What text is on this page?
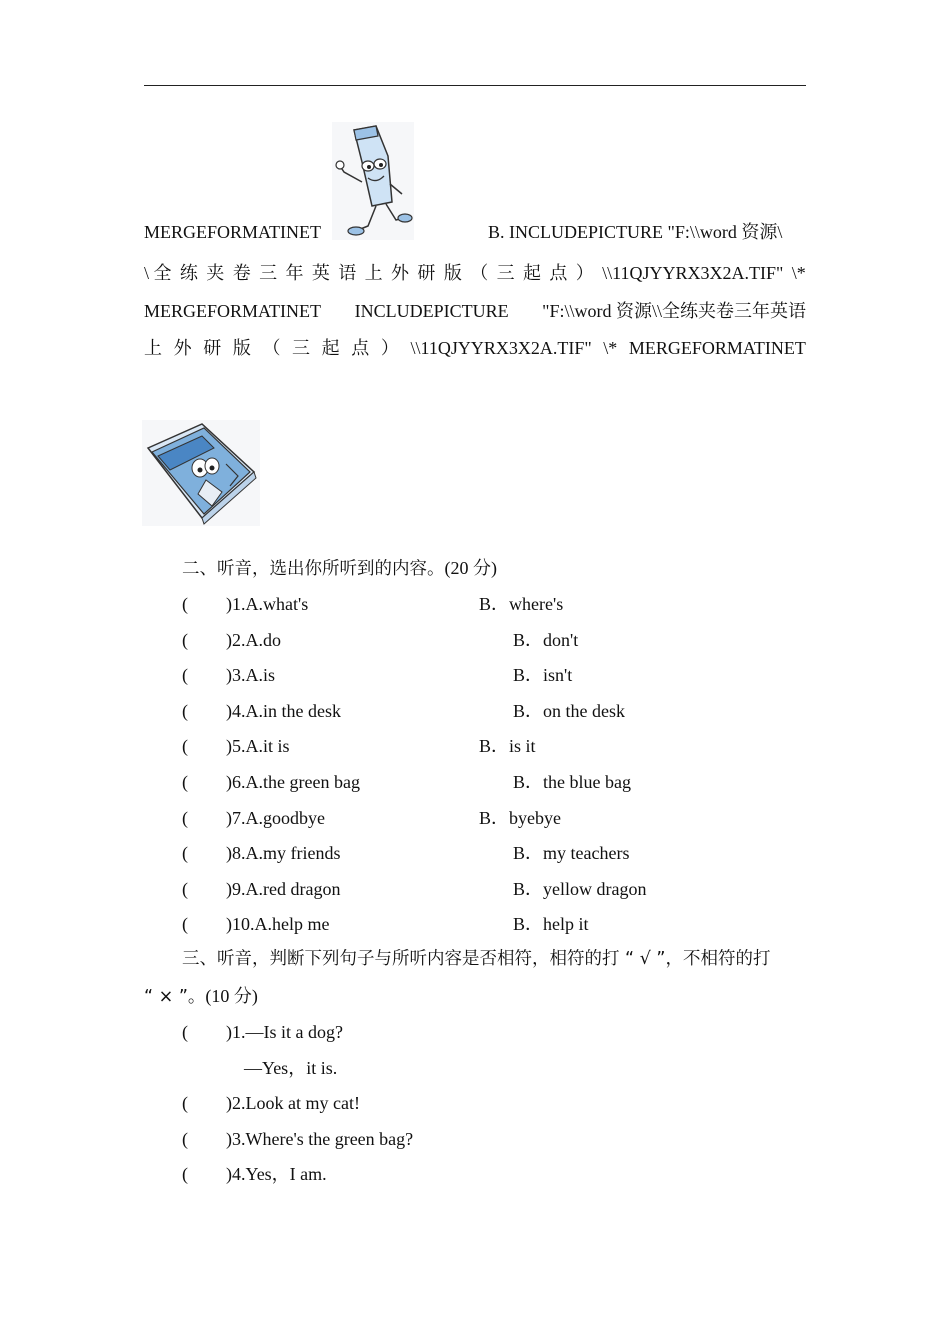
MERGEFORMATINET	B. INCLUDEPICTURE "F:\\word 资源\
\ 全 练 夹 卷 三 年 英 语 上 外 研 版 （ 三 起 点 ） \\11QJYYRX3X2A.TIF" \*
MERGEFORMATINET INCLUDEPICTURE "F:\\word 资源\\全练夹卷三年英语
上 外 研 版 （ 三 起 点 ） \\11QJYYRX3X2A.TIF" \* MERGEFORMATINET
二、听音，选出你所听到的内容。(20 分)
( )1.A.what's	B．where's
( )2.A.do	B．don't
( )3.A.is	B．isn't
( )4.A.in the desk	B．on the desk
( )5.A.it is	B．is it
( )6.A.the green bag	B．the blue bag
( )7.A.goodbye	B．byebye
( )8.A.my friends	B．my teachers
( )9.A.red dragon	B．yellow dragon
( )10.A.help me	B．help it
三、听音，判断下列句子与所听内容是否相符，相符的打 “ √ ”，不相符的打
“ × ”。(10 分)
( )1.—Is it a dog?
—Yes，it is.
( )2.Look at my cat!
( )3.Where's the green bag?
( )4.Yes，I am.
